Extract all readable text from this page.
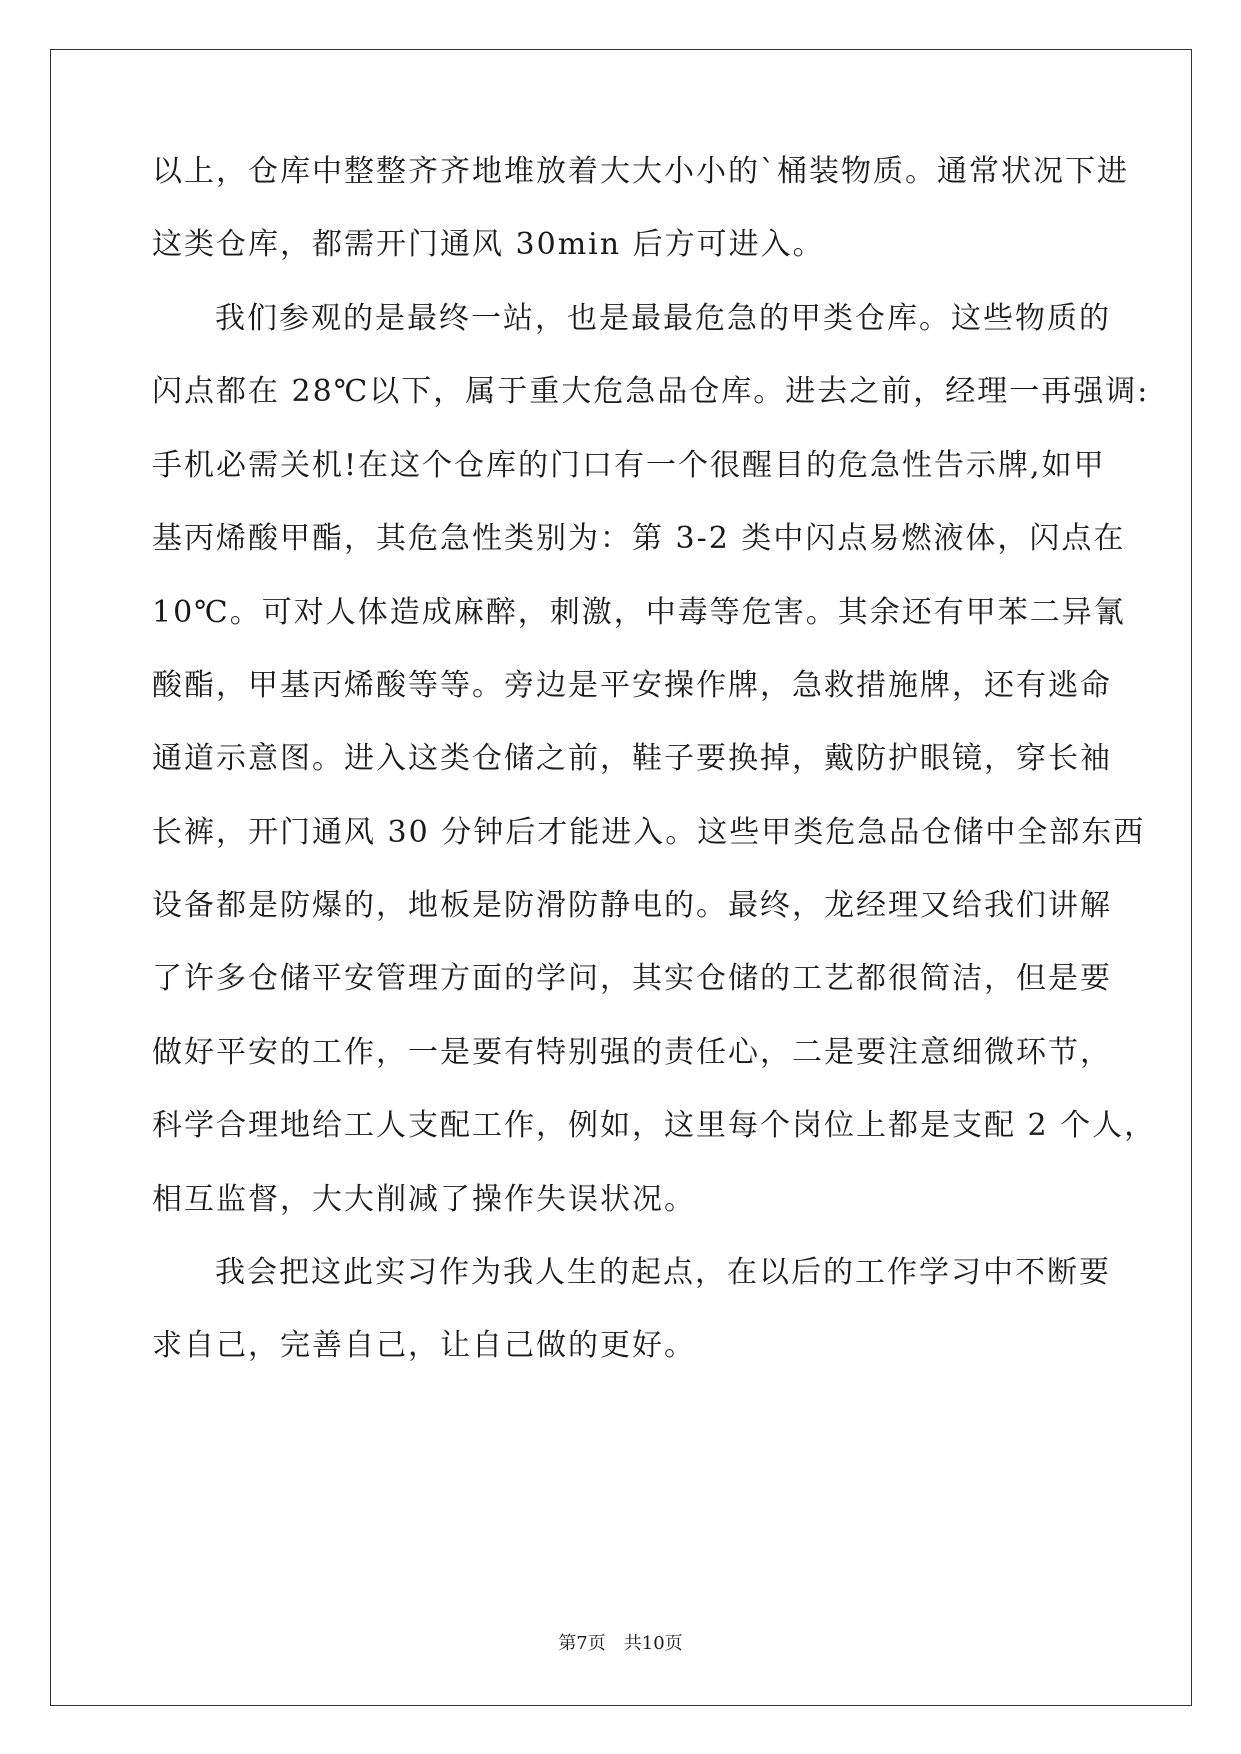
以上，仓库中整整齐齐地堆放着大大小小的`桶装物质。通常状况下进
这类仓库，都需开门通风 30min 后方可进入。
我们参观的是最终一站，也是最最危急的甲类仓库。这些物质的
闪点都在 28℃以下，属于重大危急品仓库。进去之前，经理一再强调:
手机必需关机!在这个仓库的门口有一个很醒目的危急性告示牌,如甲
基丙烯酸甲酯，其危急性类别为：第 3-2 类中闪点易燃液体，闪点在
10℃。可对人体造成麻醉，刺激，中毒等危害。其余还有甲苯二异氰
酸酯，甲基丙烯酸等等。旁边是平安操作牌，急救措施牌，还有逃命
通道示意图。进入这类仓储之前，鞋子要换掉，戴防护眼镜，穿长袖
长裤，开门通风 30 分钟后才能进入。这些甲类危急品仓储中全部东西
设备都是防爆的，地板是防滑防静电的。最终，龙经理又给我们讲解
了许多仓储平安管理方面的学问，其实仓储的工艺都很简洁，但是要
做好平安的工作，一是要有特别强的责任心，二是要注意细微环节，
科学合理地给工人支配工作，例如，这里每个岗位上都是支配 2 个人，
相互监督，大大削减了操作失误状况。
我会把这此实习作为我人生的起点，在以后的工作学习中不断要
求自己，完善自己，让自己做的更好。
第7页 共10页
